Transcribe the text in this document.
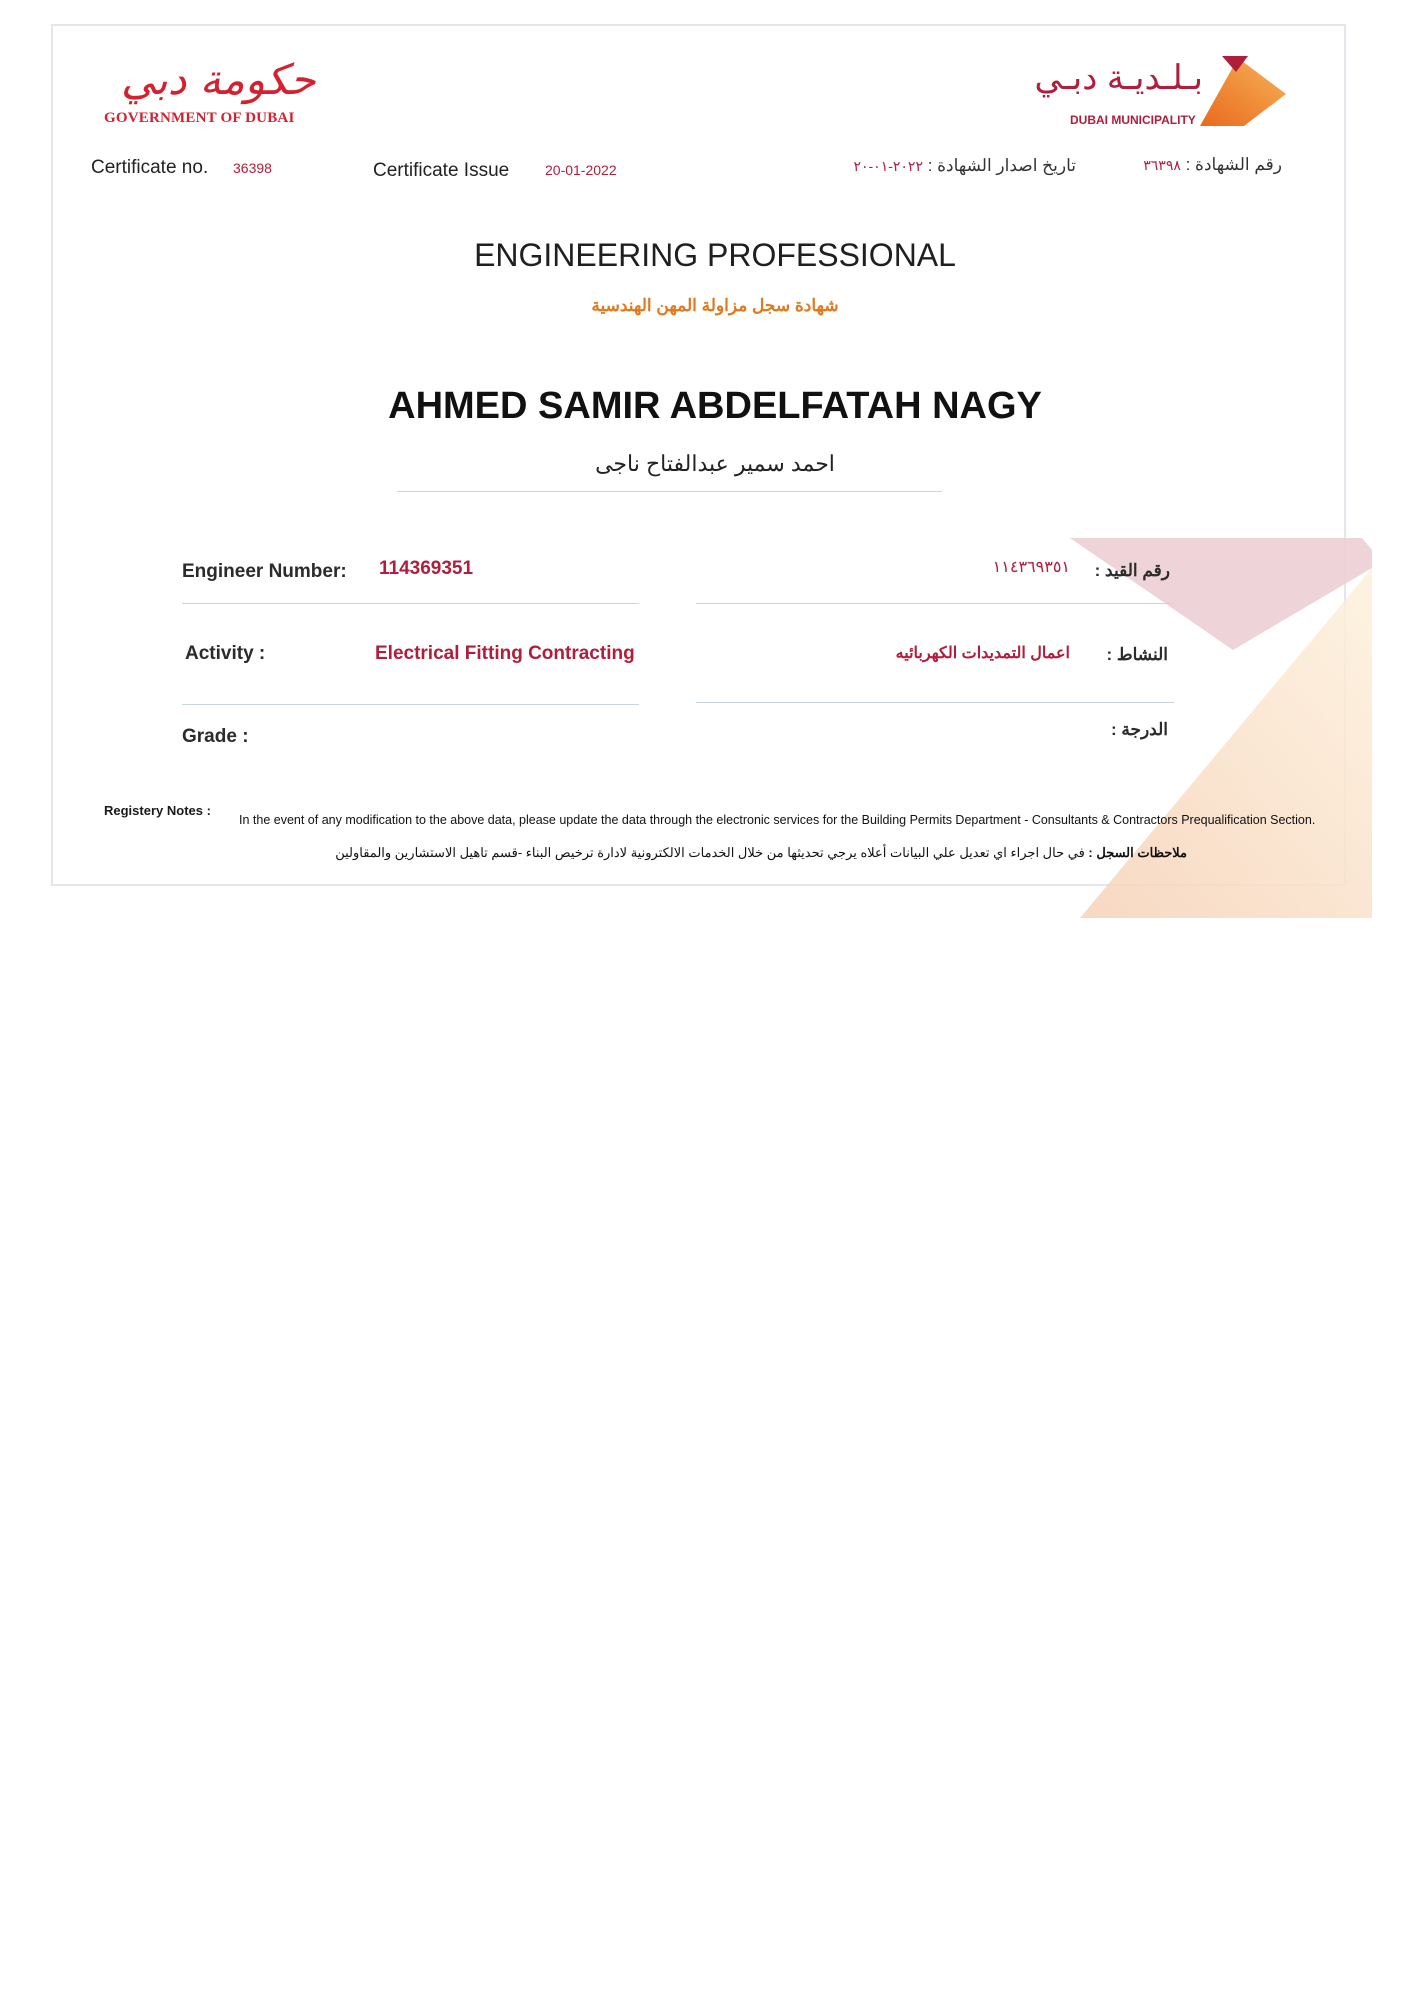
حكومة دبي
GOVERNMENT OF DUBAI
بـلـديـة دبـي
DUBAI MUNICIPALITY
Certificate no. 36398	Certificate Issue	20-01-2022	تاريخ اصدار الشهادة : ٢٠٢٢-٠١-٢٠	رقم الشهادة : ٣٦٣٩٨
ENGINEERING PROFESSIONAL
شهادة سجل مزاولة المهن الهندسية
AHMED SAMIR ABDELFATAH NAGY
احمد سمير عبدالفتاح ناجى
Engineer Number: 114369351	١١٤٣٦٩٣٥١ رقم القيد :
Activity :	Electrical Fitting Contracting	اعمال التمديدات الكهربائيه النشاط :
Grade :	الدرجة :
Registery Notes :
In the event of any modification to the above data, please update the data through the electronic services for the Building Permits Department - Consultants & Contractors Prequalification Section.
ملاحظات السجل : في حال اجراء اي تعديل علي البيانات أعلاه يرجي تحديثها من خلال الخدمات الالكترونية لادارة ترخيص البناء -قسم تاهيل الاستشارين والمقاولين
